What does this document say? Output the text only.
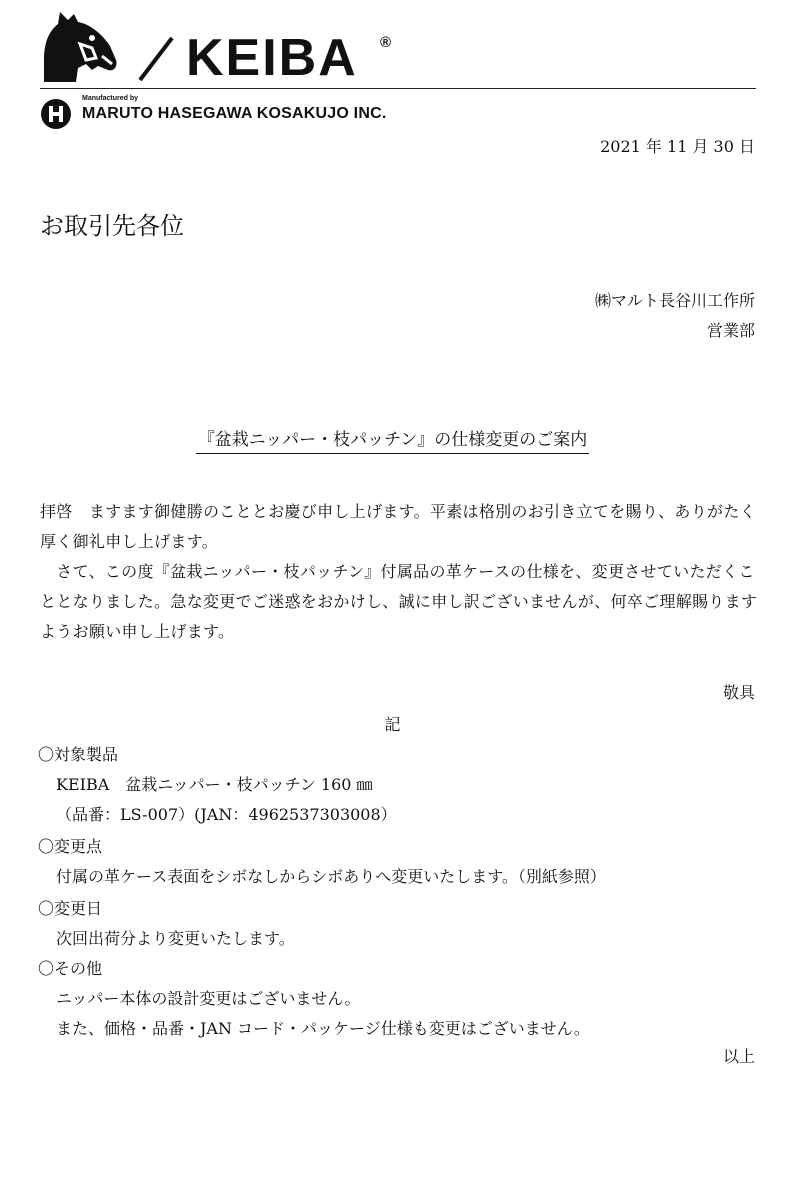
KEIBA ®
Manufactured by
MARUTO HASEGAWA KOSAKUJO INC.
2021 年 11 月 30 日
お取引先各位
㈱マルト長谷川工作所
営業部
『盆栽ニッパー・枝パッチン』の仕様変更のご案内
拝啓　ますます御健勝のこととお慶び申し上げます。平素は格別のお引き立てを賜り、ありがたく厚く御礼申し上げます。
　さて、この度『盆栽ニッパー・枝パッチン』付属品の革ケースの仕様を、変更させていただくこととなりました。急な変更でご迷惑をおかけし、誠に申し訳ございませんが、何卒ご理解賜りますようお願い申し上げます。
敬具
記
〇対象製品
KEIBA　盆栽ニッパー・枝パッチン 160 ㎜
（品番：LS-007）(JAN：4962537303008）
〇変更点
付属の革ケース表面をシボなしからシボありへ変更いたします。（別紙参照）
〇変更日
次回出荷分より変更いたします。
〇その他
ニッパー本体の設計変更はございません。
また、価格・品番・JAN コード・パッケージ仕様も変更はございません。
以上
